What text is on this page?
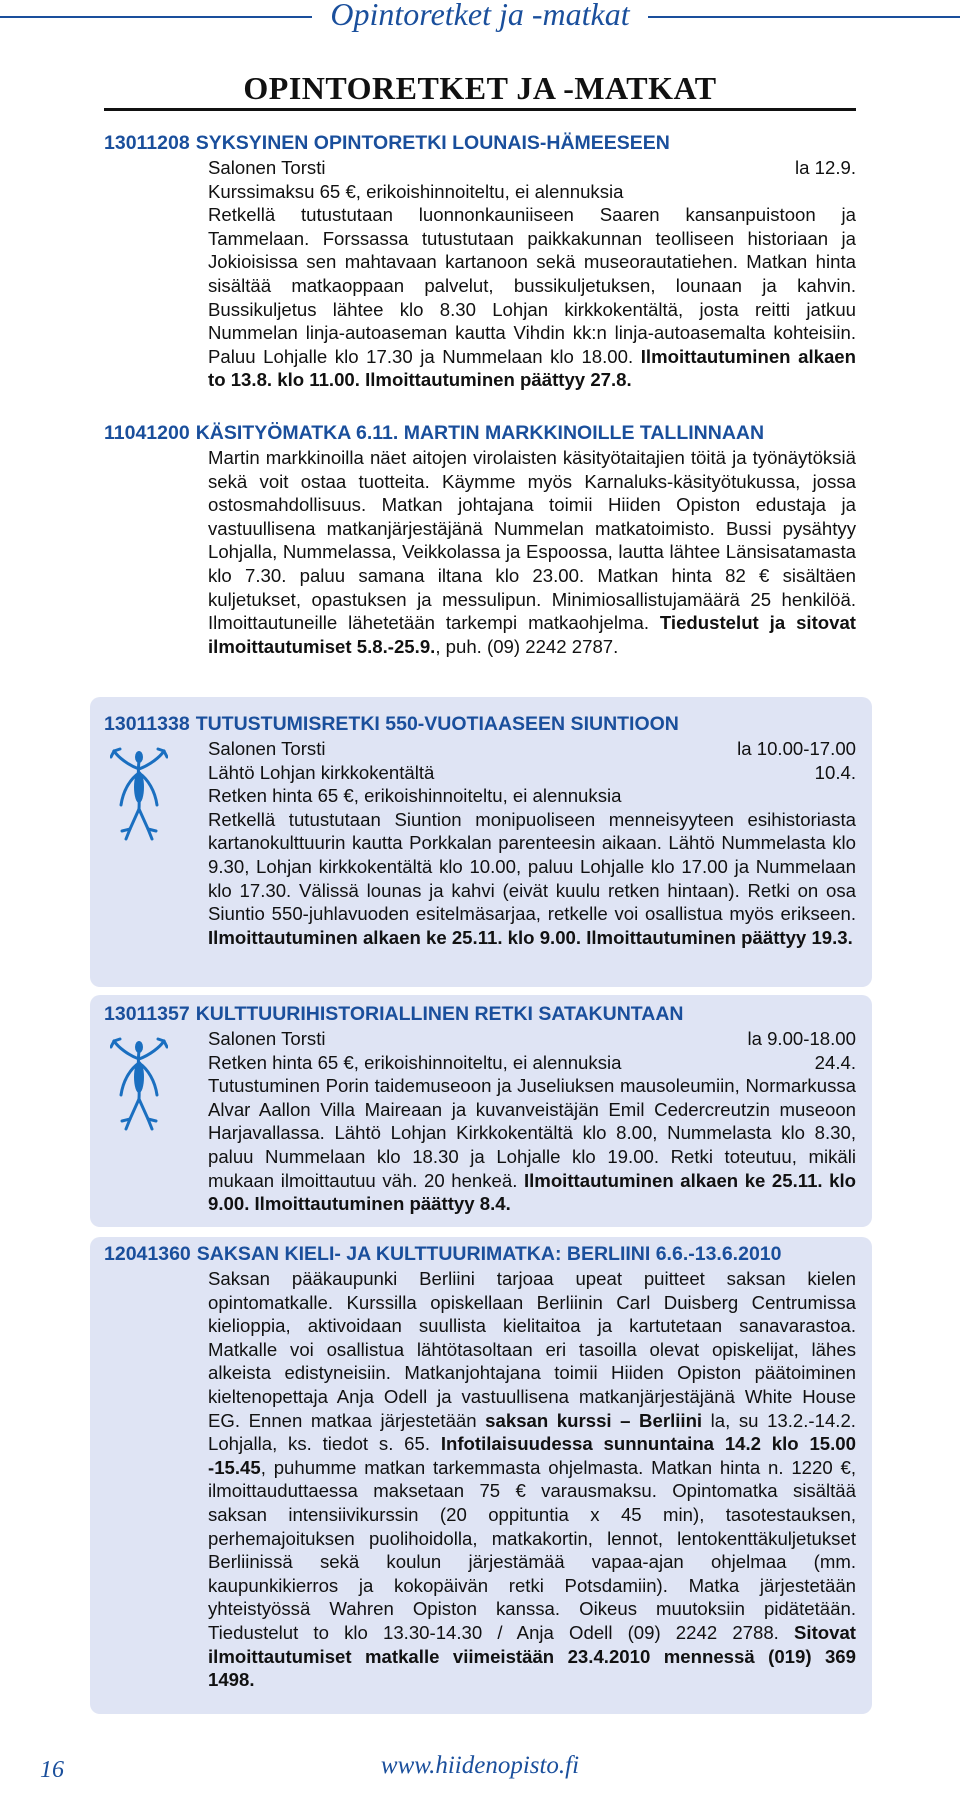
Opintoretket ja -matkat
OPINTORETKET JA -MATKAT
13011208 SYKSYINEN OPINTORETKI LOUNAIS-HÄMEESEEN
Salonen Torsti	la 12.9.
Kurssimaksu 65 €, erikoishinnoiteltu, ei alennuksia

Retkellä tutustutaan luonnonkauniiseen Saaren kansanpuistoon ja Tammelaan. Forssassa tutustutaan paikkakunnan teolliseen historiaan ja Jokioisissa sen mahtavaan kartanoon sekä museorautatiehen. Matkan hinta sisältää matkaoppaan palvelut, bussikuljetuksen, lounaan ja kahvin. Bussikuljetus lähtee klo 8.30 Lohjan kirkkokentältä, josta reitti jatkuu Nummelan linja-autoaseman kautta Vihdin kk:n linja-autoasemalta kohteisiin. Paluu Lohjalle klo 17.30 ja Nummelaan klo 18.00. Ilmoittautuminen alkaen to 13.8. klo 11.00. Ilmoittautuminen päättyy 27.8.

11041200 KÄSITYÖMATKA 6.11. MARTIN MARKKINOILLE TALLINNAAN

Martin markkinoilla näet aitojen virolaisten käsityötaitajien töitä ja työnäytöksiä sekä voit ostaa tuotteita. Käymme myös Karnaluks-käsityötukussa, jossa ostosmahdollisuus. Matkan johtajana toimii Hiiden Opiston edustaja ja vastuullisena matkanjärjestäjänä Nummelan matkatoimisto. Bussi pysähtyy Lohjalla, Nummelassa, Veikkolassa ja Espoossa, lautta lähtee Länsisatamasta klo 7.30. paluu samana iltana klo 23.00. Matkan hinta 82 € sisältäen kuljetukset, opastuksen ja messulipun. Minimiosallistujamäärä 25 henkilöä. Ilmoittautuneille lähetetään tarkempi matkaohjelma. Tiedustelut ja sitovat ilmoittautumiset 5.8.-25.9., puh. (09) 2242 2787.

13011338 TUTUSTUMISRETKI 550-VUOTIAASEEN SIUNTIOON
Salonen Torsti	la 10.00-17.00
Lähtö Lohjan kirkkokentältä	10.4.
Retken hinta 65 €, erikoishinnoiteltu, ei alennuksia

Retkellä tutustutaan Siuntion monipuoliseen menneisyyteen esihistoriasta kartanokulttuurin kautta Porkkalan parenteesin aikaan. Lähtö Nummelasta klo 9.30, Lohjan kirkkokentältä klo 10.00, paluu Lohjalle klo 17.00 ja Nummelaan klo 17.30. Välissä lounas ja kahvi (eivät kuulu retken hintaan). Retki on osa Siuntio 550-juhlavuoden esitelmäsarjaa, retkelle voi osallistua myös erikseen. Ilmoittautuminen alkaen ke 25.11. klo 9.00. Ilmoittautuminen päättyy 19.3.

13011357 KULTTUURIHISTORIALLINEN RETKI SATAKUNTAAN
Salonen Torsti	la 9.00-18.00
Retken hinta 65 €, erikoishinnoiteltu, ei alennuksia	24.4.

Tutustuminen Porin taidemuseoon ja Juseliuksen mausoleumiin, Normarkussa Alvar Aallon Villa Maireaan ja kuvanveistäjän Emil Cedercreutzin museoon Harjavallassa. Lähtö Lohjan Kirkkokentältä klo 8.00, Nummelasta klo 8.30, paluu Nummelaan klo 18.30 ja Lohjalle klo 19.00. Retki toteutuu, mikäli mukaan ilmoittautuu väh. 20 henkeä. Ilmoittautuminen alkaen ke 25.11. klo 9.00. Ilmoittautuminen päättyy 8.4.

12041360 SAKSAN KIELI- JA KULTTUURIMATKA: BERLIINI 6.6.-13.6.2010

Saksan pääkaupunki Berliini tarjoaa upeat puitteet saksan kielen opintomatkalle. Kurssilla opiskellaan Berliinin Carl Duisberg Centrumissa kielioppia, aktivoidaan suullista kielitaitoa ja kartutetaan sanavarastoa. Matkalle voi osallistua lähtötasoltaan eri tasoilla olevat opiskelijat, lähes alkeista edistyneisiin. Matkanjohtajana toimii Hiiden Opiston päätoiminen kieltenopettaja Anja Odell ja vastuullisena matkanjärjestäjänä White House EG. Ennen matkaa järjestetään saksan kurssi – Berliini la, su 13.2.-14.2. Lohjalla, ks. tiedot s. 65. Infotilaisuudessa sunnuntaina 14.2 klo 15.00 -15.45, puhumme matkan tarkemmasta ohjelmasta. Matkan hinta n. 1220 €, ilmoittauduttaessa maksetaan 75 € varausmaksu. Opintomatka sisältää saksan intensiivikurssin (20 oppituntia x 45 min), tasotestauksen, perhemajoituksen puolihoidolla, matkakortin, lennot, lentokenttäkuljetukset Berliinissä sekä koulun järjestämää vapaa-ajan ohjelmaa (mm. kaupunkikierros ja kokopäivän retki Potsdamiin). Matka järjestetään yhteistyössä Wahren Opiston kanssa. Oikeus muutoksiin pidätetään. Tiedustelut to klo 13.30-14.30 / Anja Odell (09) 2242 2788. Sitovat ilmoittautumiset matkalle viimeistään 23.4.2010 mennessä (019) 369 1498.

16	www.hiidenopisto.fi
